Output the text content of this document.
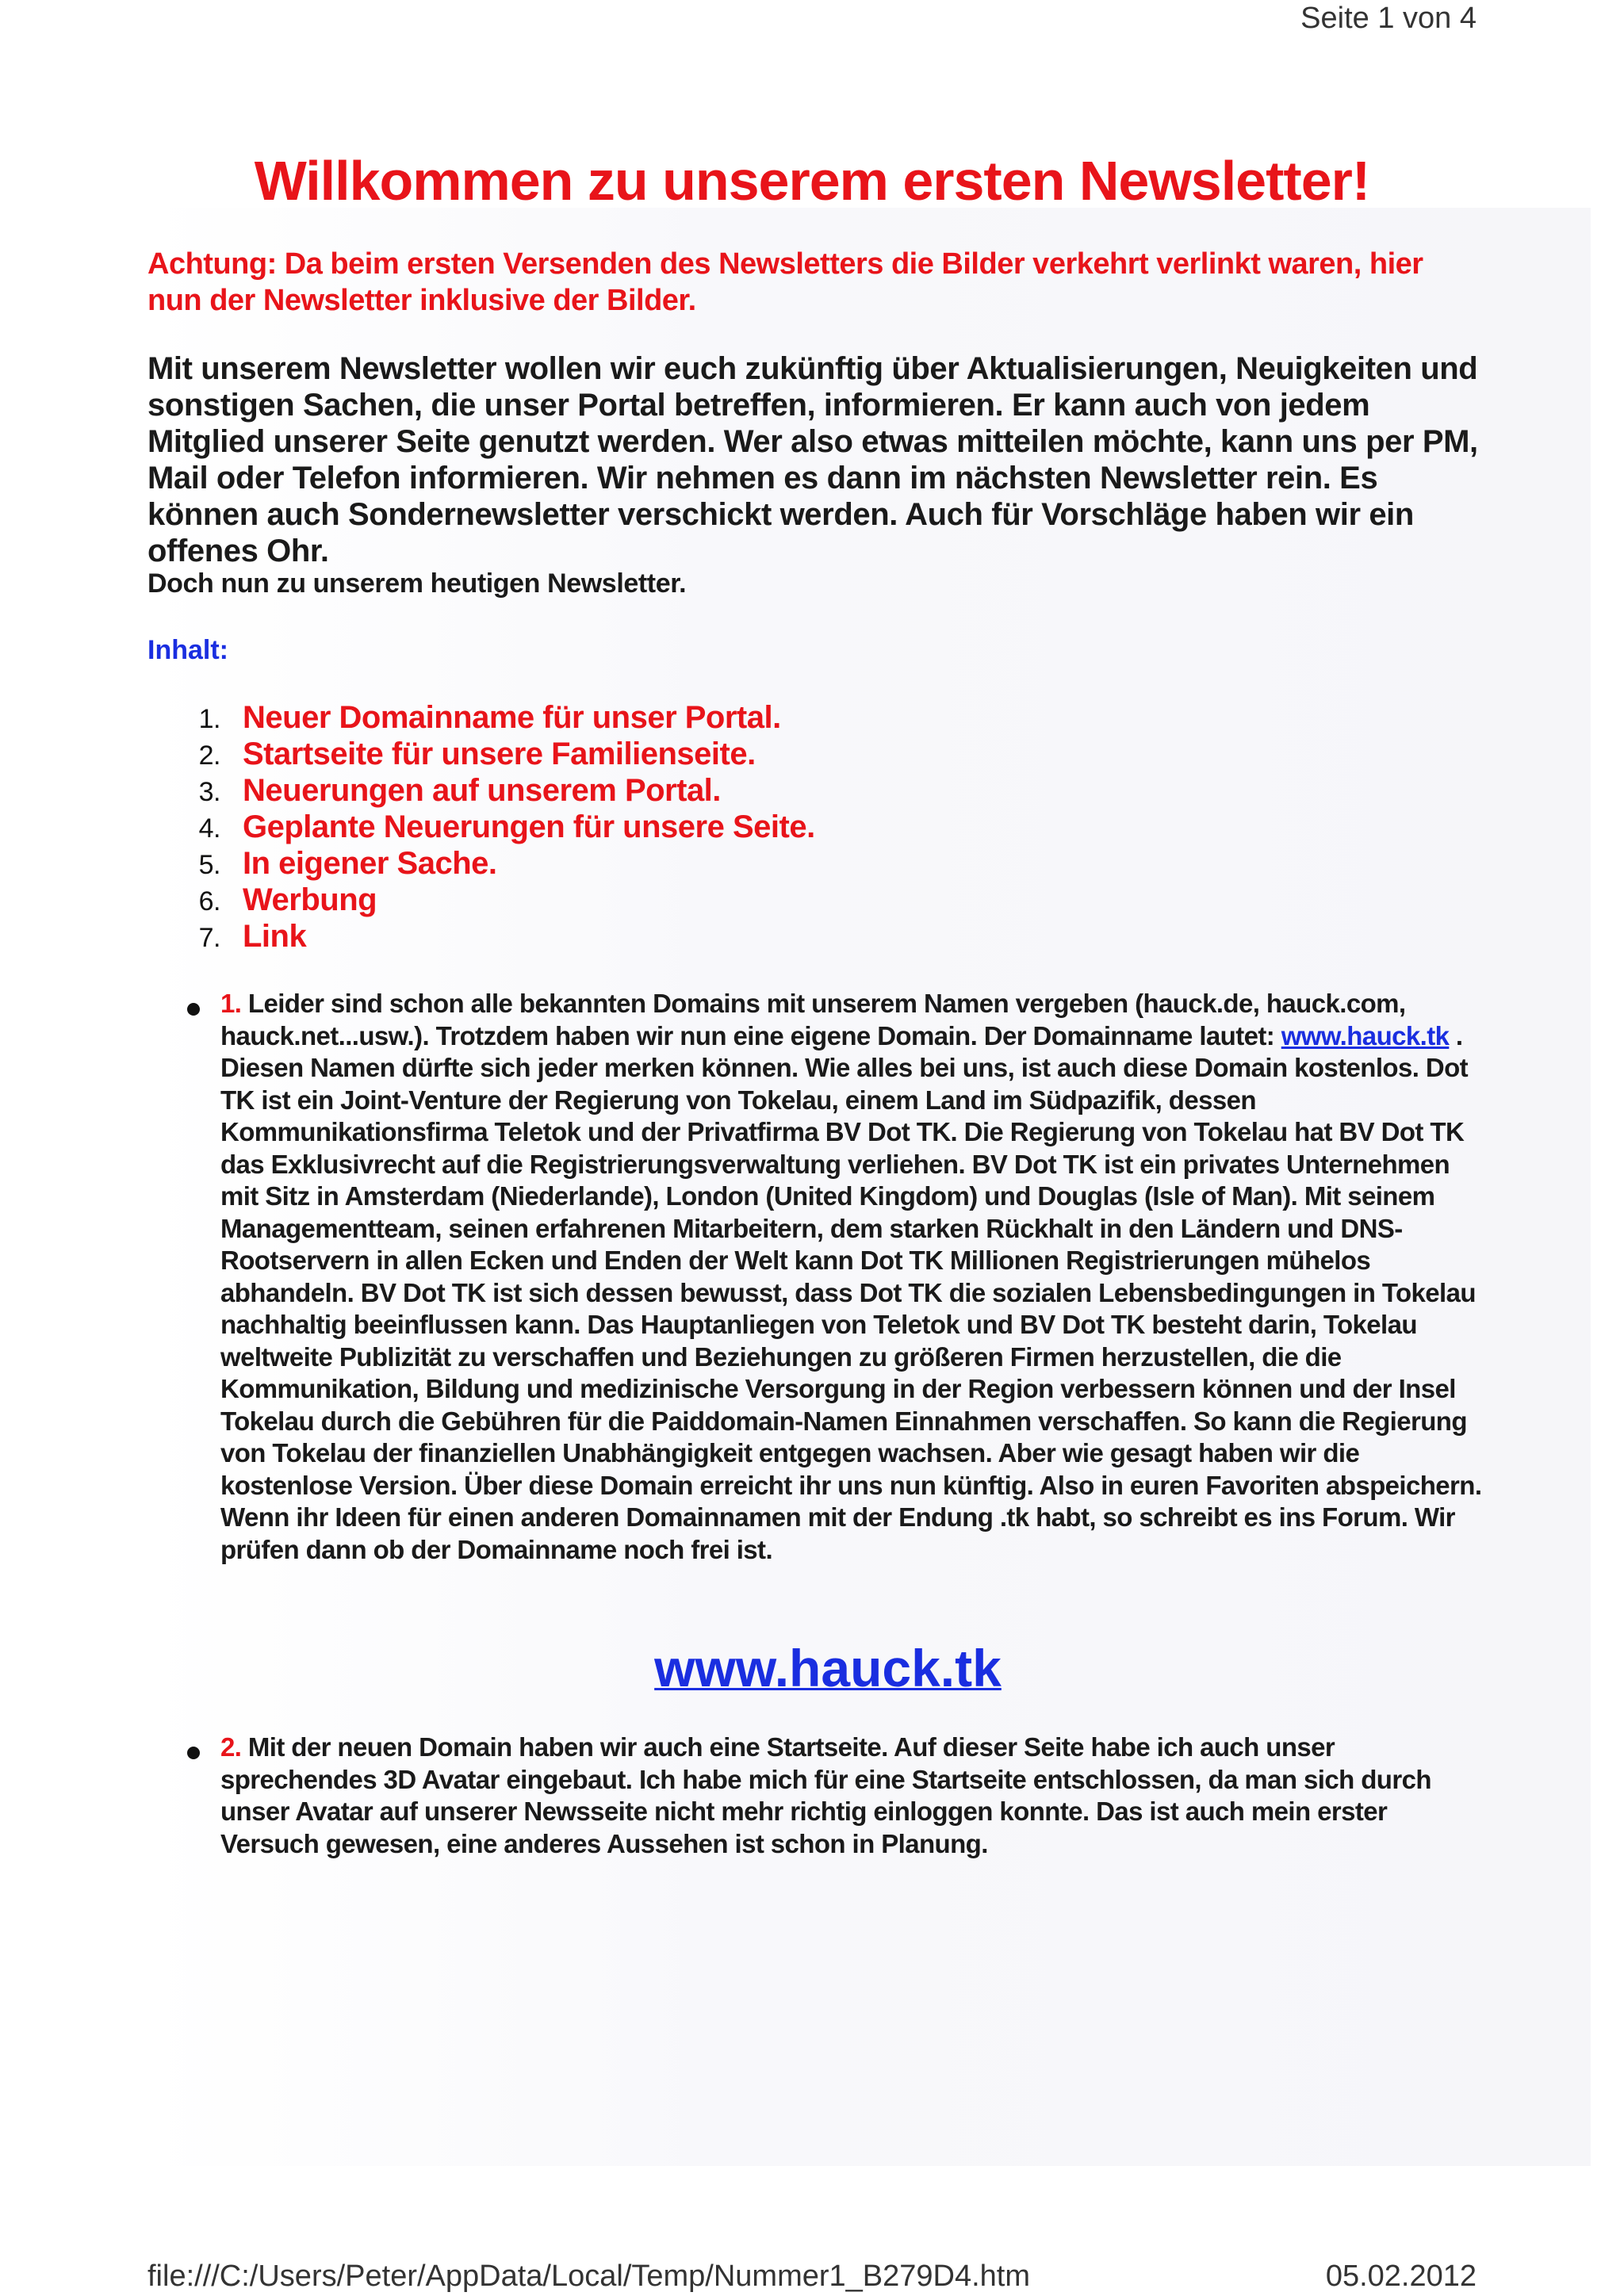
Seite 1 von 4
Willkommen zu unserem ersten Newsletter!
Achtung: Da beim ersten Versenden des Newsletters die Bilder verkehrt verlinkt waren, hier nun der Newsletter inklusive der Bilder.
Mit unserem Newsletter wollen wir euch zukünftig über Aktualisierungen, Neuigkeiten und sonstigen Sachen, die unser Portal betreffen, informieren. Er kann auch von jedem Mitglied unserer Seite genutzt werden. Wer also etwas mitteilen möchte, kann uns per PM, Mail oder Telefon informieren. Wir nehmen es dann im nächsten Newsletter rein. Es können auch Sondernewsletter verschickt werden. Auch für Vorschläge haben wir ein offenes Ohr.
Doch nun zu unserem heutigen Newsletter.
Inhalt:
1. Neuer Domainname für unser Portal.
2. Startseite für unsere Familienseite.
3. Neuerungen auf unserem Portal.
4. Geplante Neuerungen für unsere Seite.
5. In eigener Sache.
6. Werbung
7. Link
1. Leider sind schon alle bekannten Domains mit unserem Namen vergeben (hauck.de, hauck.com, hauck.net...usw.). Trotzdem haben wir nun eine eigene Domain. Der Domainname lautet: www.hauck.tk . Diesen Namen dürfte sich jeder merken können. Wie alles bei uns, ist auch diese Domain kostenlos. Dot TK ist ein Joint-Venture der Regierung von Tokelau, einem Land im Südpazifik, dessen Kommunikationsfirma Teletok und der Privatfirma BV Dot TK. Die Regierung von Tokelau hat BV Dot TK das Exklusivrecht auf die Registrierungsverwaltung verliehen. BV Dot TK ist ein privates Unternehmen mit Sitz in Amsterdam (Niederlande), London (United Kingdom) und Douglas (Isle of Man). Mit seinem Managementteam, seinen erfahrenen Mitarbeitern, dem starken Rückhalt in den Ländern und DNS-Rootservern in allen Ecken und Enden der Welt kann Dot TK Millionen Registrierungen mühelos abhandeln. BV Dot TK ist sich dessen bewusst, dass Dot TK die sozialen Lebensbedingungen in Tokelau nachhaltig beeinflussen kann. Das Hauptanliegen von Teletok und BV Dot TK besteht darin, Tokelau weltweite Publizität zu verschaffen und Beziehungen zu größeren Firmen herzustellen, die die Kommunikation, Bildung und medizinische Versorgung in der Region verbessern können und der Insel Tokelau durch die Gebühren für die Paiddomain-Namen Einnahmen verschaffen. So kann die Regierung von Tokelau der finanziellen Unabhängigkeit entgegen wachsen. Aber wie gesagt haben wir die kostenlose Version. Über diese Domain erreicht ihr uns nun künftig. Also in euren Favoriten abspeichern. Wenn ihr Ideen für einen anderen Domainnamen mit der Endung .tk habt, so schreibt es ins Forum. Wir prüfen dann ob der Domainname noch frei ist.
www.hauck.tk
2. Mit der neuen Domain haben wir auch eine Startseite. Auf dieser Seite habe ich auch unser sprechendes 3D Avatar eingebaut. Ich habe mich für eine Startseite entschlossen, da man sich durch unser Avatar auf unserer Newsseite nicht mehr richtig einloggen konnte. Das ist auch mein erster Versuch gewesen, eine anderes Aussehen ist schon in Planung.
file:///C:/Users/Peter/AppData/Local/Temp/Nummer1_B279D4.htm	05.02.2012
